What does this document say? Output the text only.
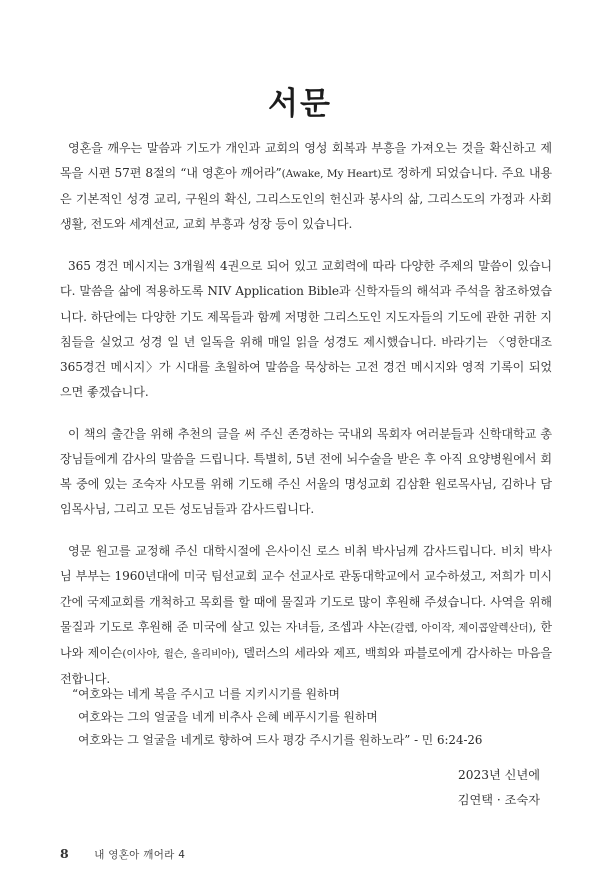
서문

영혼을 깨우는 말씀과 기도가 개인과 교회의 영성 회복과 부흥을 가져오는 것을 확신하고 제목을 시편 57편 8절의 “내 영혼아 깨어라”(Awake, My Heart)로 정하게 되었습니다. 주요 내용은 기본적인 성경 교리, 구원의 확신, 그리스도인의 헌신과 봉사의 삶, 그리스도의 가정과 사회생활, 전도와 세계선교, 교회 부흥과 성장 등이 있습니다.

365 경건 메시지는 3개월씩 4권으로 되어 있고 교회력에 따라 다양한 주제의 말씀이 있습니다. 말씀을 삶에 적용하도록 NIV Application Bible과 신학자들의 해석과 주석을 참조하였습니다. 하단에는 다양한 기도 제목들과 함께 저명한 그리스도인 지도자들의 기도에 관한 귀한 지침들을 실었고 성경 일 년 일독을 위해 매일 읽을 성경도 제시했습니다. 바라기는 〈영한대조 365경건 메시지〉가 시대를 초월하여 말씀을 묵상하는 고전 경건 메시지와 영적 기록이 되었으면 좋겠습니다.

이 책의 출간을 위해 추천의 글을 써 주신 존경하는 국내외 목회자 여러분들과 신학대학교 총장님들에게 감사의 말씀을 드립니다. 특별히, 5년 전에 뇌수술을 받은 후 아직 요양병원에서 회복 중에 있는 조숙자 사모를 위해 기도해 주신 서울의 명성교회 김삼환 원로목사님, 김하나 담임목사님, 그리고 모든 성도님들과 감사드립니다.

영문 원고를 교정해 주신 대학시절에 은사이신 로스 비취 박사님께 감사드립니다. 비치 박사님 부부는 1960년대에 미국 팀선교회 교수 선교사로 관동대학교에서 교수하셨고, 저희가 미시간에 국제교회를 개척하고 목회를 할 때에 물질과 기도로 많이 후원해 주셨습니다. 사역을 위해 물질과 기도로 후원해 준 미국에 살고 있는 자녀들, 조셉과 샤논(갈렙, 아이작, 제이콥알렉산더), 한나와 제이슨(이사야, 윌슨, 올리비아), 델러스의 세라와 제프, 백희와 파블로에게 감사하는 마음을 전합니다.

“여호와는 네게 복을 주시고 너를 지키시기를 원하며
여호와는 그의 얼굴을 네게 비추사 은혜 베푸시기를 원하며
여호와는 그 얼굴을 네게로 향하여 드사 평강 주시기를 원하노라” - 민 6:24-26
2023년 신년에
김연택 · 조숙자
8 내 영혼아 깨어라 4
